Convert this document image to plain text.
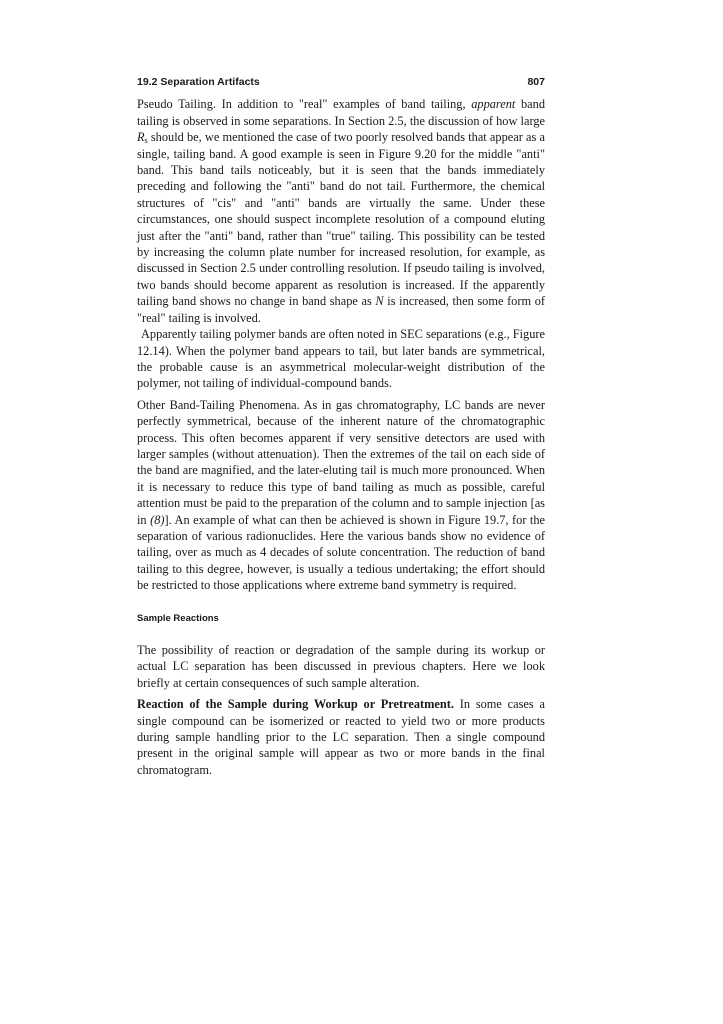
19.2 Separation Artifacts	807

Pseudo Tailing. In addition to "real" examples of band tailing, apparent band tailing is observed in some separations. In Section 2.5, the discussion of how large $R_s$ should be, we mentioned the case of two poorly resolved bands that appear as a single, tailing band. A good example is seen in Figure 9.20 for the middle "anti" band. This band tails noticeably, but it is seen that the bands immediately preceding and following the "anti" band do not tail. Furthermore, the chemical structures of "cis" and "anti" bands are virtually the same. Under these circumstances, one should suspect incomplete resolution of a compound eluting just after the "anti" band, rather than "true" tailing. This possibility can be tested by increasing the column plate number for increased resolution, for example, as discussed in Section 2.5 under controlling resolution. If pseudo tailing is involved, two bands should become apparent as resolution is increased. If the apparently tailing band shows no change in band shape as N is increased, then some form of "real" tailing is involved.

Apparently tailing polymer bands are often noted in SEC separations (e.g., Figure 12.14). When the polymer band appears to tail, but later bands are symmetrical, the probable cause is an asymmetrical molecular-weight distribution of the polymer, not tailing of individual-compound bands.

Other Band-Tailing Phenomena. As in gas chromatography, LC bands are never perfectly symmetrical, because of the inherent nature of the chromatographic process. This often becomes apparent if very sensitive detectors are used with larger samples (without attenuation). Then the extremes of the tail on each side of the band are magnified, and the later-eluting tail is much more pronounced. When it is necessary to reduce this type of band tailing as much as possible, careful attention must be paid to the preparation of the column and to sample injection [as in (8)]. An example of what can then be achieved is shown in Figure 19.7, for the separation of various radionuclides. Here the various bands show no evidence of tailing, over as much as 4 decades of solute concentration. The reduction of band tailing to this degree, however, is usually a tedious undertaking; the effort should be restricted to those applications where extreme band symmetry is required.

Sample Reactions

The possibility of reaction or degradation of the sample during its workup or actual LC separation has been discussed in previous chapters. Here we look briefly at certain consequences of such sample alteration.

Reaction of the Sample during Workup or Pretreatment. In some cases a single compound can be isomerized or reacted to yield two or more products during sample handling prior to the LC separation. Then a single compound present in the original sample will appear as two or more bands in the final chromatogram.
